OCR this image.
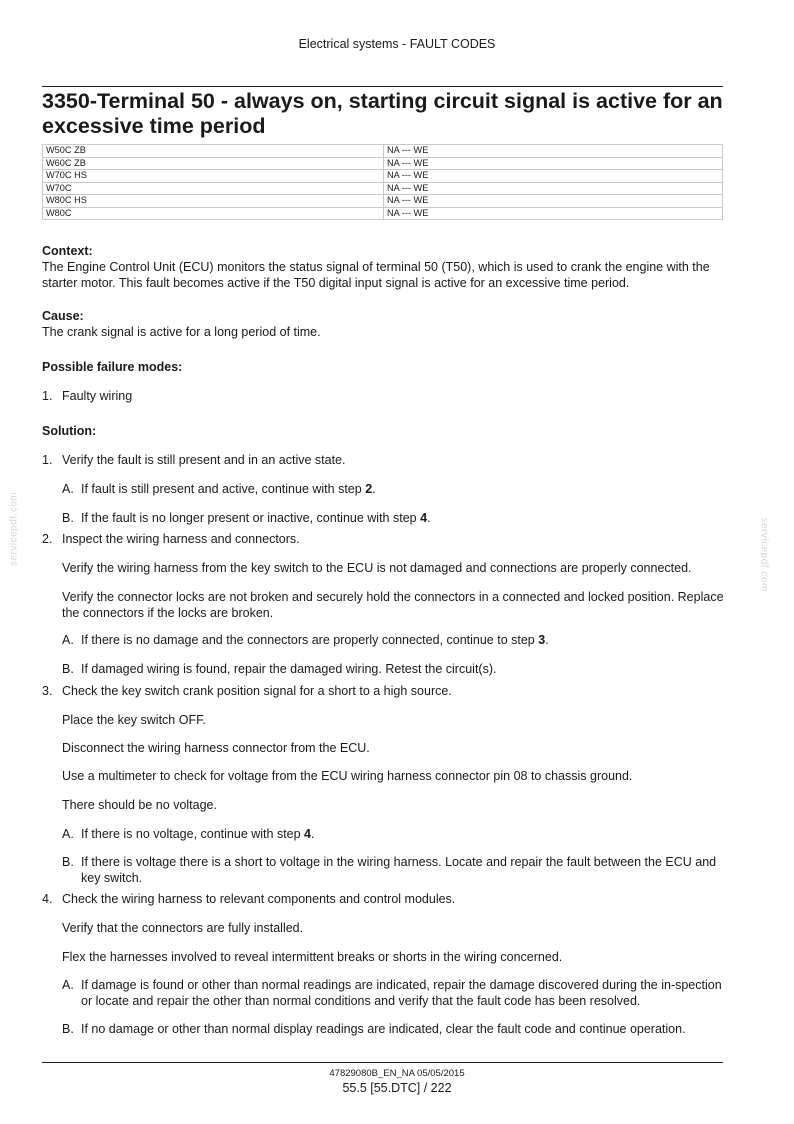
Electrical systems - FAULT CODES
3350-Terminal 50 - always on, starting circuit signal is active for an excessive time period
W50C ZB	NA --- WE
W60C ZB	NA --- WE
W70C HS	NA --- WE
W70C	NA --- WE
W80C HS	NA --- WE
W80C	NA --- WE
Context:
The Engine Control Unit (ECU) monitors the status signal of terminal 50 (T50), which is used to crank the engine with the starter motor. This fault becomes active if the T50 digital input signal is active for an excessive time period.
Cause:
The crank signal is active for a long period of time.
Possible failure modes:
1. Faulty wiring
Solution:
1. Verify the fault is still present and in an active state.
A. If fault is still present and active, continue with step 2.
B. If the fault is no longer present or inactive, continue with step 4.
2. Inspect the wiring harness and connectors.
Verify the wiring harness from the key switch to the ECU is not damaged and connections are properly connected.
Verify the connector locks are not broken and securely hold the connectors in a connected and locked position. Replace the connectors if the locks are broken.
A. If there is no damage and the connectors are properly connected, continue to step 3.
B. If damaged wiring is found, repair the damaged wiring. Retest the circuit(s).
3. Check the key switch crank position signal for a short to a high source.
Place the key switch OFF.
Disconnect the wiring harness connector from the ECU.
Use a multimeter to check for voltage from the ECU wiring harness connector pin 08 to chassis ground.
There should be no voltage.
A. If there is no voltage, continue with step 4.
B. If there is voltage there is a short to voltage in the wiring harness. Locate and repair the fault between the ECU and key switch.
4. Check the wiring harness to relevant components and control modules.
Verify that the connectors are fully installed.
Flex the harnesses involved to reveal intermittent breaks or shorts in the wiring concerned.
A. If damage is found or other than normal readings are indicated, repair the damage discovered during the in-spection or locate and repair the other than normal conditions and verify that the fault code has been resolved.
B. If no damage or other than normal display readings are indicated, clear the fault code and continue operation.
47829080B_EN_NA 05/05/2015
55.5 [55.DTC] / 222
servicepdf.com	servicepdf.com
